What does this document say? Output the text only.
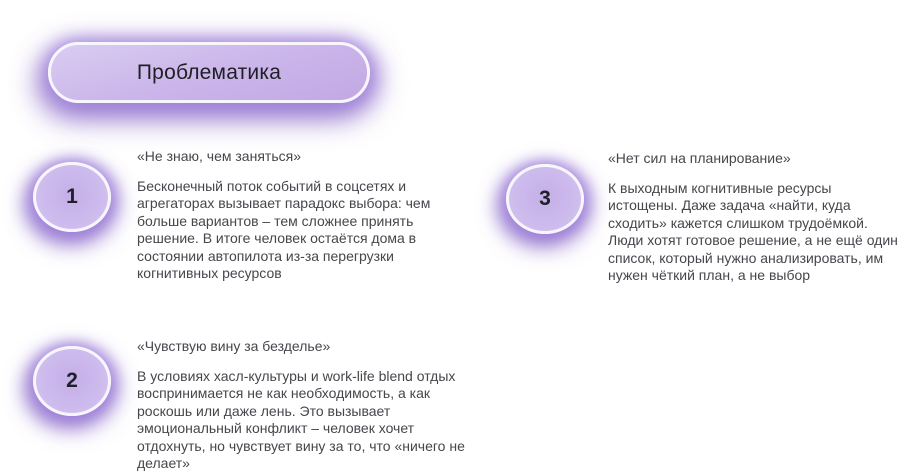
Проблематика
1

«Не знаю, чем заняться»

Бесконечный поток событий в соцсетях и агрегаторах вызывает парадокс выбора: чем больше вариантов – тем сложнее принять решение. В итоге человек остаётся дома в состоянии автопилота из-за перегрузки когнитивных ресурсов

3

«Нет сил на планирование»

К выходным когнитивные ресурсы истощены. Даже задача «найти, куда сходить» кажется слишком трудоёмкой. Люди хотят готовое решение, а не ещё один список, который нужно анализировать, им нужен чёткий план, а не выбор

2

«Чувствую вину за безделье»

В условиях хасл-культуры и work-life blend отдых воспринимается не как необходимость, а как роскошь или даже лень. Это вызывает эмоциональный конфликт – человек хочет отдохнуть, но чувствует вину за то, что «ничего не делает»
